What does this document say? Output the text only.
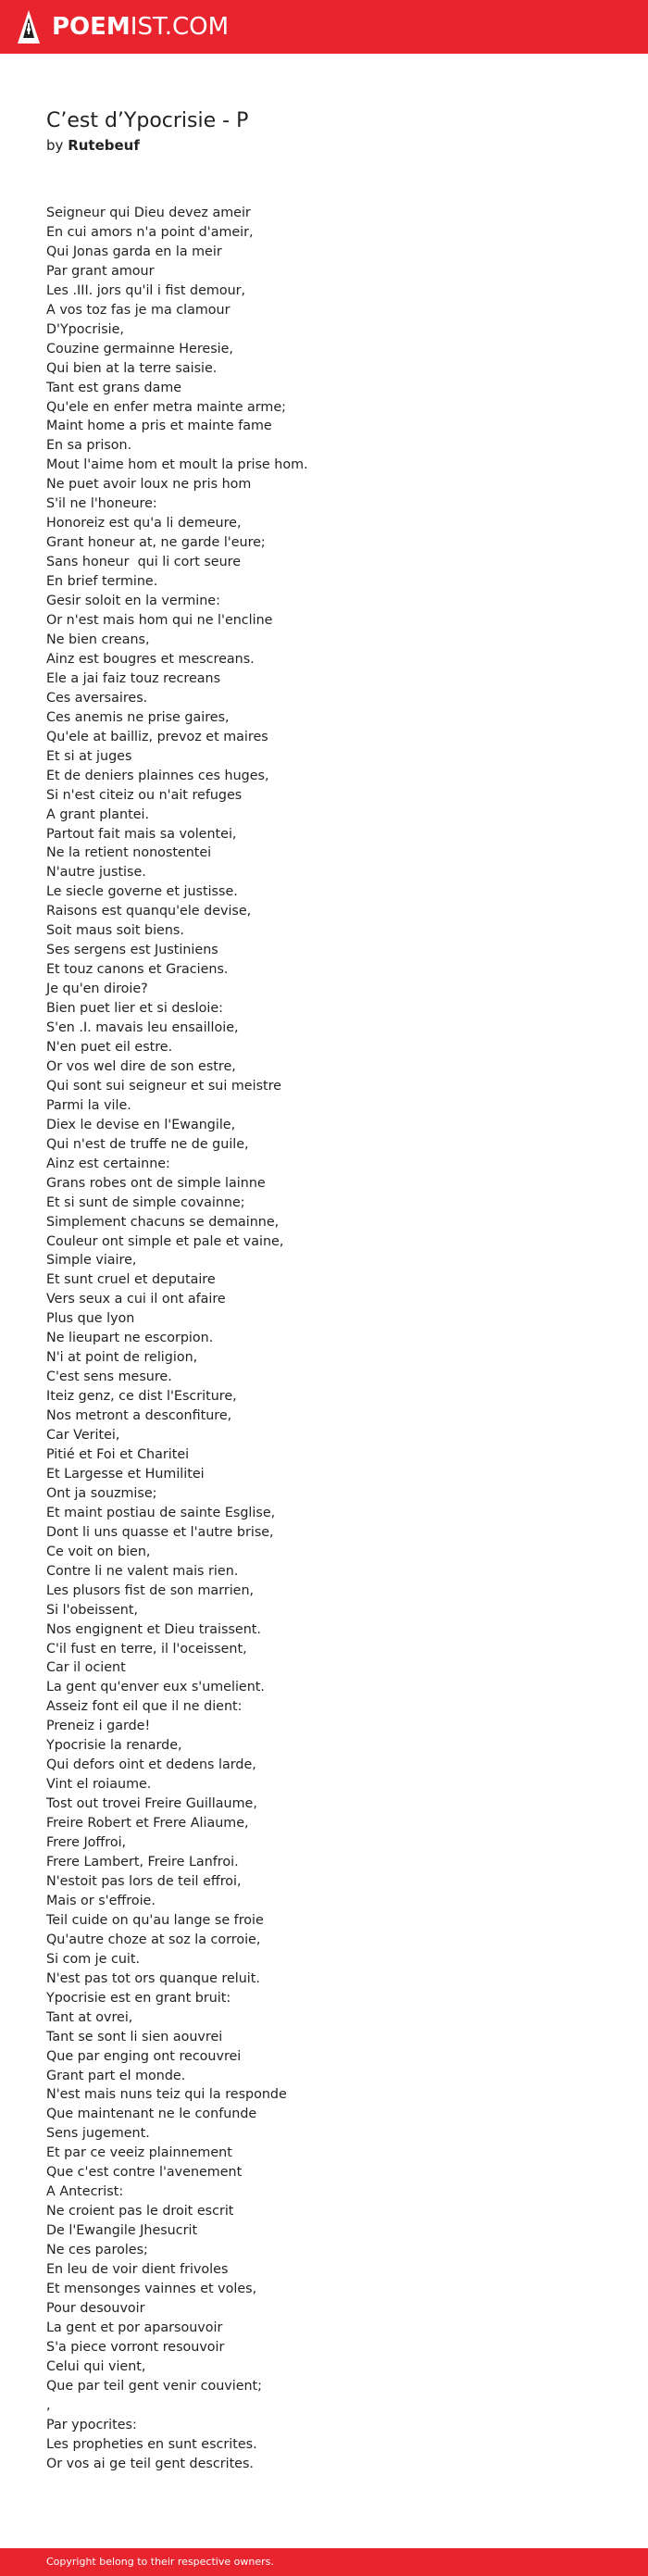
POEMIST.COM
C’est d’Ypocrisie - P
by Rutebeuf
Seigneur qui Dieu devez ameir
En cui amors n'a point d'ameir,
Qui Jonas garda en la meir
Par grant amour
Les .III. jors qu'il i fist demour,
A vos toz fas je ma clamour
D'Ypocrisie,
Couzine germainne Heresie,
Qui bien at la terre saisie.
Tant est grans dame
Qu'ele en enfer metra mainte arme;
Maint home a pris et mainte fame
En sa prison.
Mout l'aime hom et moult la prise hom.
Ne puet avoir loux ne pris hom
S'il ne l'honeure:
Honoreiz est qu'a li demeure,
Grant honeur at, ne garde l'eure;
Sans honeur  qui li cort seure
En brief termine.
Gesir soloit en la vermine:
Or n'est mais hom qui ne l'encline
Ne bien creans,
Ainz est bougres et mescreans.
Ele a jai faiz touz recreans
Ces aversaires.
Ces anemis ne prise gaires,
Qu'ele at bailliz, prevoz et maires
Et si at juges
Et de deniers plainnes ces huges,
Si n'est citeiz ou n'ait refuges
A grant plantei.
Partout fait mais sa volentei,
Ne la retient nonostentei
N'autre justise.
Le siecle governe et justisse.
Raisons est quanqu'ele devise,
Soit maus soit biens.
Ses sergens est Justiniens
Et touz canons et Graciens.
Je qu'en diroie?
Bien puet lier et si desloie:
S'en .I. mavais leu ensailloie,
N'en puet eil estre.
Or vos wel dire de son estre,
Qui sont sui seigneur et sui meistre
Parmi la vile.
Diex le devise en l'Ewangile,
Qui n'est de truffe ne de guile,
Ainz est certainne:
Grans robes ont de simple lainne
Et si sunt de simple covainne;
Simplement chacuns se demainne,
Couleur ont simple et pale et vaine,
Simple viaire,
Et sunt cruel et deputaire
Vers seux a cui il ont afaire
Plus que lyon
Ne lieupart ne escorpion.
N'i at point de religion,
C'est sens mesure.
Iteiz genz, ce dist l'Escriture,
Nos metront a desconfiture,
Car Veritei,
Pitié et Foi et Charitei
Et Largesse et Humilitei
Ont ja souzmise;
Et maint postiau de sainte Esglise,
Dont li uns quasse et l'autre brise,
Ce voit on bien,
Contre li ne valent mais rien.
Les plusors fist de son marrien,
Si l'obeissent,
Nos engignent et Dieu traissent.
C'il fust en terre, il l'oceissent,
Car il ocient
La gent qu'enver eux s'umelient.
Asseiz font eil que il ne dient:
Preneiz i garde!
Ypocrisie la renarde,
Qui defors oint et dedens larde,
Vint el roiaume.
Tost out trovei Freire Guillaume,
Freire Robert et Frere Aliaume,
Frere Joffroi,
Frere Lambert, Freire Lanfroi.
N'estoit pas lors de teil effroi,
Mais or s'effroie.
Teil cuide on qu'au lange se froie
Qu'autre choze at soz la corroie,
Si com je cuit.
N'est pas tot ors quanque reluit.
Ypocrisie est en grant bruit:
Tant at ovrei,
Tant se sont li sien aouvrei
Que par enging ont recouvrei
Grant part el monde.
N'est mais nuns teiz qui la responde
Que maintenant ne le confunde
Sens jugement.
Et par ce veeiz plainnement
Que c'est contre l'avenement
A Antecrist:
Ne croient pas le droit escrit
De l'Ewangile Jhesucrit
Ne ces paroles;
En leu de voir dient frivoles
Et mensonges vainnes et voles,
Pour desouvoir
La gent et por aparsouvoir
S'a piece vorront resouvoir
Celui qui vient,
Que par teil gent venir couvient;
,
Par ypocrites:
Les propheties en sunt escrites.
Or vos ai ge teil gent descrites.
Copyright belong to their respective owners.
